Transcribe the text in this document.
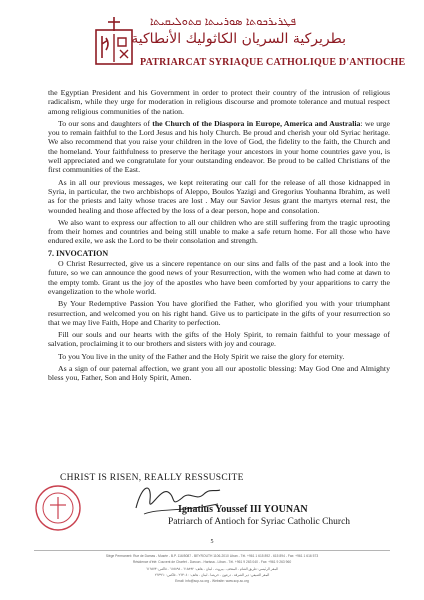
ܦܛܪܝܪܟܘܬܐ ܣܘܪܝܝܬܐ ܩܬܘܠܝܩܝܬܐ
بطريركية السريان الكاثوليك الأنطاكية
PATRIARCAT SYRIAQUE CATHOLIQUE D'ANTIOCHE

the Egyptian President and his Government in order to protect their country of the intrusion of religious radicalism, while they urge for moderation in religious discourse and promote tolerance and mutual respect among religious communities of the nation.

To our sons and daughters of the Church of the Diaspora in Europe, America and Australia: we urge you to remain faithful to the Lord Jesus and his holy Church. Be proud and cherish your old Syriac heritage. We also recommend that you raise your children in the love of God, the fidelity to the faith, the Church and the homeland. Your faithfulness to preserve the heritage your ancestors in your home countries gave you, is well appreciated and we congratulate for your outstanding endeavor. Be proud to be called Christians of the first communities of the East.

As in all our previous messages, we kept reiterating our call for the release of all those kidnapped in Syria, in particular, the two archbishops of Aleppo, Boulos Yazigi and Gregorius Youhanna Ibrahim, as well as for the priests and laity whose traces are lost . May our Savior Jesus grant the martyrs eternal rest, the wounded healing and those affected by the loss of a dear person, hope and consolation.

We also want to express our affection to all our children who are still suffering from the tragic uprooting from their homes and countries and being still unable to make a safe return home. For all those who have endured exile, we ask the Lord to be their consolation and strength.

7. INVOCATION

O Christ Resurrected, give us a sincere repentance on our sins and falls of the past and a look into the future, so we can announce the good news of your Resurrection, with the women who had come at dawn to the empty tomb. Grant us the joy of the apostles who have been comforted by your apparitions to carry the evangelization to the whole world.

By Your Redemptive Passion You have glorified the Father, who glorified you with your triumphant resurrection, and welcomed you on his right hand. Give us to participate in the gifts of your resurrection so that we may live Faith, Hope and Charity to perfection.

Fill our souls and our hearts with the gifts of the Holy Spirit, to remain faithful to your message of salvation, proclaiming it to our brothers and sisters with joy and courage.

To you You live in the unity of the Father and the Holy Spirit we raise the glory for eternity.

As a sign of our paternal affection, we grant you all our apostolic blessing: May God One and Almighty bless you, Father, Son and Holy Spirit, Amen.

CHRIST IS RISEN, REALLY RESSUSCITE
Ignatius Youssef III YOUNAN
Patriarch of Antioch for Syriac Catholic Church
5
Siège Permanent: Rue de Damas - Musée - B.P. 116/5087 - BEYROUTH 1106-2010 Liban - Tél. +961 1 615 892 - 615 894 - Fax: +961 1 616 573
Résidence d'été: Couvent de Charfet - Daroun - Harissa - Liban - Tél. +961 9 263 040 - Fax: +961 9 263 960
المقر الرئيسي: طريق الشام - المتحف - بيروت - لبنان - هاتف: ٦١٥٨٩٢ - ٦١٥٨٩٤ - فاكس: ٦١٦٥٧٣
المقر الصيفي: دير الشرفة - درعون - حريصا - لبنان - هاتف: ٢٦٣٠٤٠ - فاكس: ٢٦٣٩٦٠
Email: info@scp-sc.org - Website: www.scp-sc.org
